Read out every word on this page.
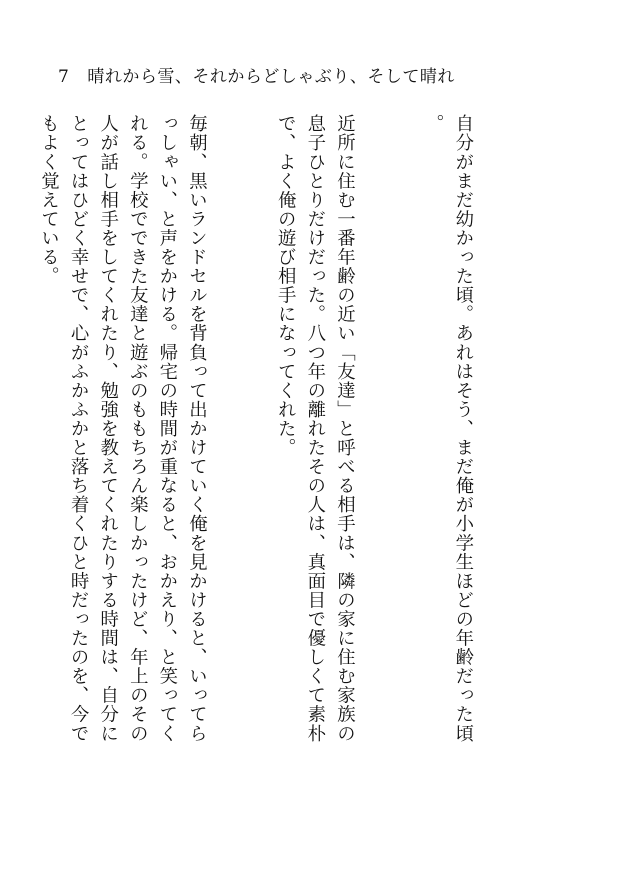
7 晴れから雪、それからどしゃぶり、そして晴れ

自分がまだ幼かった頃。あれはそう、まだ俺が小学生ほどの年齢だった頃。

近所に住む一番年齢の近い「友達」と呼べる相手は、隣の家に住む家族の息子ひとりだけだった。八つ年の離れたその人は、真面目で優しくて素朴で、よく俺の遊び相手になってくれた。

毎朝、黒いランドセルを背負って出かけていく俺を見かけると、いってらっしゃい、と声をかける。帰宅の時間が重なると、おかえり、と笑ってくれる。学校でできた友達と遊ぶのももちろん楽しかったけど、年上のその人が話し相手をしてくれたり、勉強を教えてくれたりする時間は、自分にとってはひどく幸せで、心がふかふかと落ち着くひと時だったのを、今でもよく覚えている。
